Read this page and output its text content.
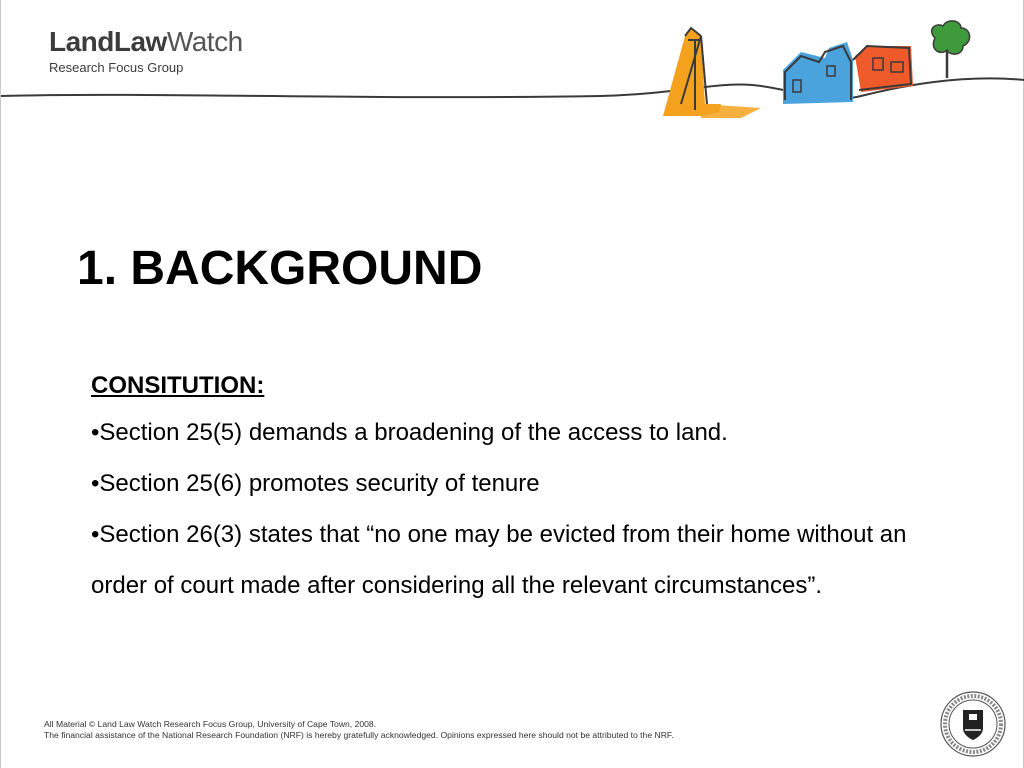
LandLawWatch
Research Focus Group
1. BACKGROUND

CONSITUTION:

•Section 25(5) demands a broadening of the access to land.

•Section 25(6) promotes security of tenure

•Section 26(3) states that “no one may be evicted from their home without an order of court made after considering all the relevant circumstances”.

All Material © Land Law Watch Research Focus Group, University of Cape Town, 2008.
The financial assistance of the National Research Foundation (NRF) is hereby gratefully acknowledged. Opinions expressed here should not be attributed to the NRF.
